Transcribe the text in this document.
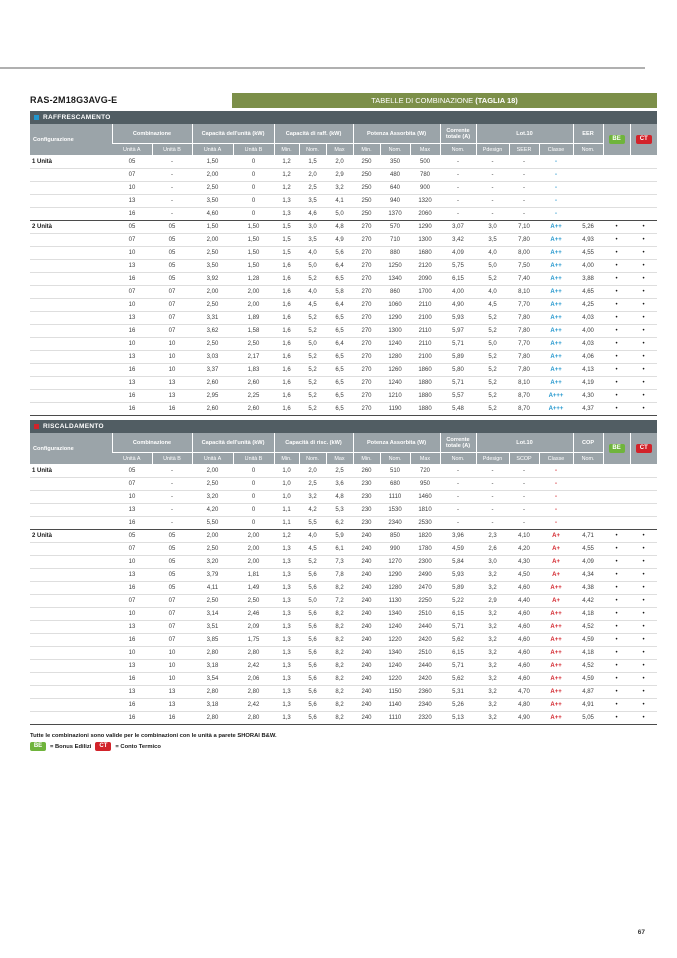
RAS-2M18G3AVG-E	TABELLE DI COMBINAZIONE (TAGLIA 18)
RAFFRESCAMENTO
Configurazione	Combinazione		Capacità dell'unità (kW)		Capacità di raff. (kW)			Potenza Assorbita (W)			Corrente totale (A)	Lot.10			EER	BE	CT
	Unità A	Unità B	Unità A	Unità B	Min.	Nom.	Max	Min.	Nom.	Max	Nom.	Pdesign	SEER	Classe	Nom.		
1 Unità	05	-	1,50	0	1,2	1,5	2,0	250	350	500	-	-	-	-			
	07	-	2,00	0	1,2	2,0	2,9	250	480	780	-	-	-	-			
	10	-	2,50	0	1,2	2,5	3,2	250	640	900	-	-	-	-			
	13	-	3,50	0	1,3	3,5	4,1	250	940	1320	-	-	-	-			
	16	-	4,60	0	1,3	4,6	5,0	250	1370	2060	-	-	-	-			
2 Unità	05	05	1,50	1,50	1,5	3,0	4,8	270	570	1290	3,07	3,0	7,10	A++	5,26	•	•
	07	05	2,00	1,50	1,5	3,5	4,9	270	710	1300	3,42	3,5	7,80	A++	4,93	•	•
	10	05	2,50	1,50	1,5	4,0	5,6	270	880	1680	4,09	4,0	8,00	A++	4,55	•	•
	13	05	3,50	1,50	1,6	5,0	6,4	270	1250	2120	5,75	5,0	7,50	A++	4,00	•	•
	16	05	3,92	1,28	1,6	5,2	6,5	270	1340	2090	6,15	5,2	7,40	A++	3,88	•	•
	07	07	2,00	2,00	1,6	4,0	5,8	270	860	1700	4,00	4,0	8,10	A++	4,65	•	•
	10	07	2,50	2,00	1,6	4,5	6,4	270	1060	2110	4,90	4,5	7,70	A++	4,25	•	•
	13	07	3,31	1,89	1,6	5,2	6,5	270	1290	2100	5,93	5,2	7,80	A++	4,03	•	•
	16	07	3,62	1,58	1,6	5,2	6,5	270	1300	2110	5,97	5,2	7,80	A++	4,00	•	•
	10	10	2,50	2,50	1,6	5,0	6,4	270	1240	2110	5,71	5,0	7,70	A++	4,03	•	•
	13	10	3,03	2,17	1,6	5,2	6,5	270	1280	2100	5,89	5,2	7,80	A++	4,06	•	•
	16	10	3,37	1,83	1,6	5,2	6,5	270	1260	1860	5,80	5,2	7,80	A++	4,13	•	•
	13	13	2,60	2,60	1,6	5,2	6,5	270	1240	1880	5,71	5,2	8,10	A++	4,19	•	•
	16	13	2,95	2,25	1,6	5,2	6,5	270	1210	1880	5,57	5,2	8,70	A+++	4,30	•	•
	16	16	2,60	2,60	1,6	5,2	6,5	270	1190	1880	5,48	5,2	8,70	A+++	4,37	•	•
RISCALDAMENTO
Configurazione	Combinazione		Capacità dell'unità (kW)		Capacità di risc. (kW)			Potenza Assorbita (W)			Corrente totale (A)	Lot.10			COP	BE	CT
	Unità A	Unità B	Unità A	Unità B	Min.	Nom.	Max	Min.	Nom.	Max	Nom.	Pdesign	SCOP	Classe	Nom.		
1 Unità	05	-	2,00	0	1,0	2,0	2,5	260	510	720	-	-	-	-			
	07	-	2,50	0	1,0	2,5	3,6	230	680	950	-	-	-	-			
	10	-	3,20	0	1,0	3,2	4,8	230	1110	1460	-	-	-	-			
	13	-	4,20	0	1,1	4,2	5,3	230	1530	1810	-	-	-	-			
	16	-	5,50	0	1,1	5,5	6,2	230	2340	2530	-	-	-	-			
2 Unità	05	05	2,00	2,00	1,2	4,0	5,9	240	850	1820	3,96	2,3	4,10	A+	4,71	•	•
	07	05	2,50	2,00	1,3	4,5	6,1	240	990	1780	4,59	2,6	4,20	A+	4,55	•	•
	10	05	3,20	2,00	1,3	5,2	7,3	240	1270	2300	5,84	3,0	4,30	A+	4,09	•	•
	13	05	3,79	1,81	1,3	5,6	7,8	240	1290	2490	5,93	3,2	4,50	A+	4,34	•	•
	16	05	4,11	1,49	1,3	5,6	8,2	240	1280	2470	5,89	3,2	4,60	A++	4,38	•	•
	07	07	2,50	2,50	1,3	5,0	7,2	240	1130	2250	5,22	2,9	4,40	A+	4,42	•	•
	10	07	3,14	2,46	1,3	5,6	8,2	240	1340	2510	6,15	3,2	4,60	A++	4,18	•	•
	13	07	3,51	2,09	1,3	5,6	8,2	240	1240	2440	5,71	3,2	4,60	A++	4,52	•	•
	16	07	3,85	1,75	1,3	5,6	8,2	240	1220	2420	5,62	3,2	4,60	A++	4,59	•	•
	10	10	2,80	2,80	1,3	5,6	8,2	240	1340	2510	6,15	3,2	4,60	A++	4,18	•	•
	13	10	3,18	2,42	1,3	5,6	8,2	240	1240	2440	5,71	3,2	4,60	A++	4,52	•	•
	16	10	3,54	2,06	1,3	5,6	8,2	240	1220	2420	5,62	3,2	4,60	A++	4,59	•	•
	13	13	2,80	2,80	1,3	5,6	8,2	240	1150	2360	5,31	3,2	4,70	A++	4,87	•	•
	16	13	3,18	2,42	1,3	5,6	8,2	240	1140	2340	5,26	3,2	4,80	A++	4,91	•	•
	16	16	2,80	2,80	1,3	5,6	8,2	240	1110	2320	5,13	3,2	4,90	A++	5,05	•	•
Tutte le combinazioni sono valide per le combinazioni con le unità a parete SHORAI B&W.
BE	= Bonus Edilizi	CT	= Conto Termico
67
